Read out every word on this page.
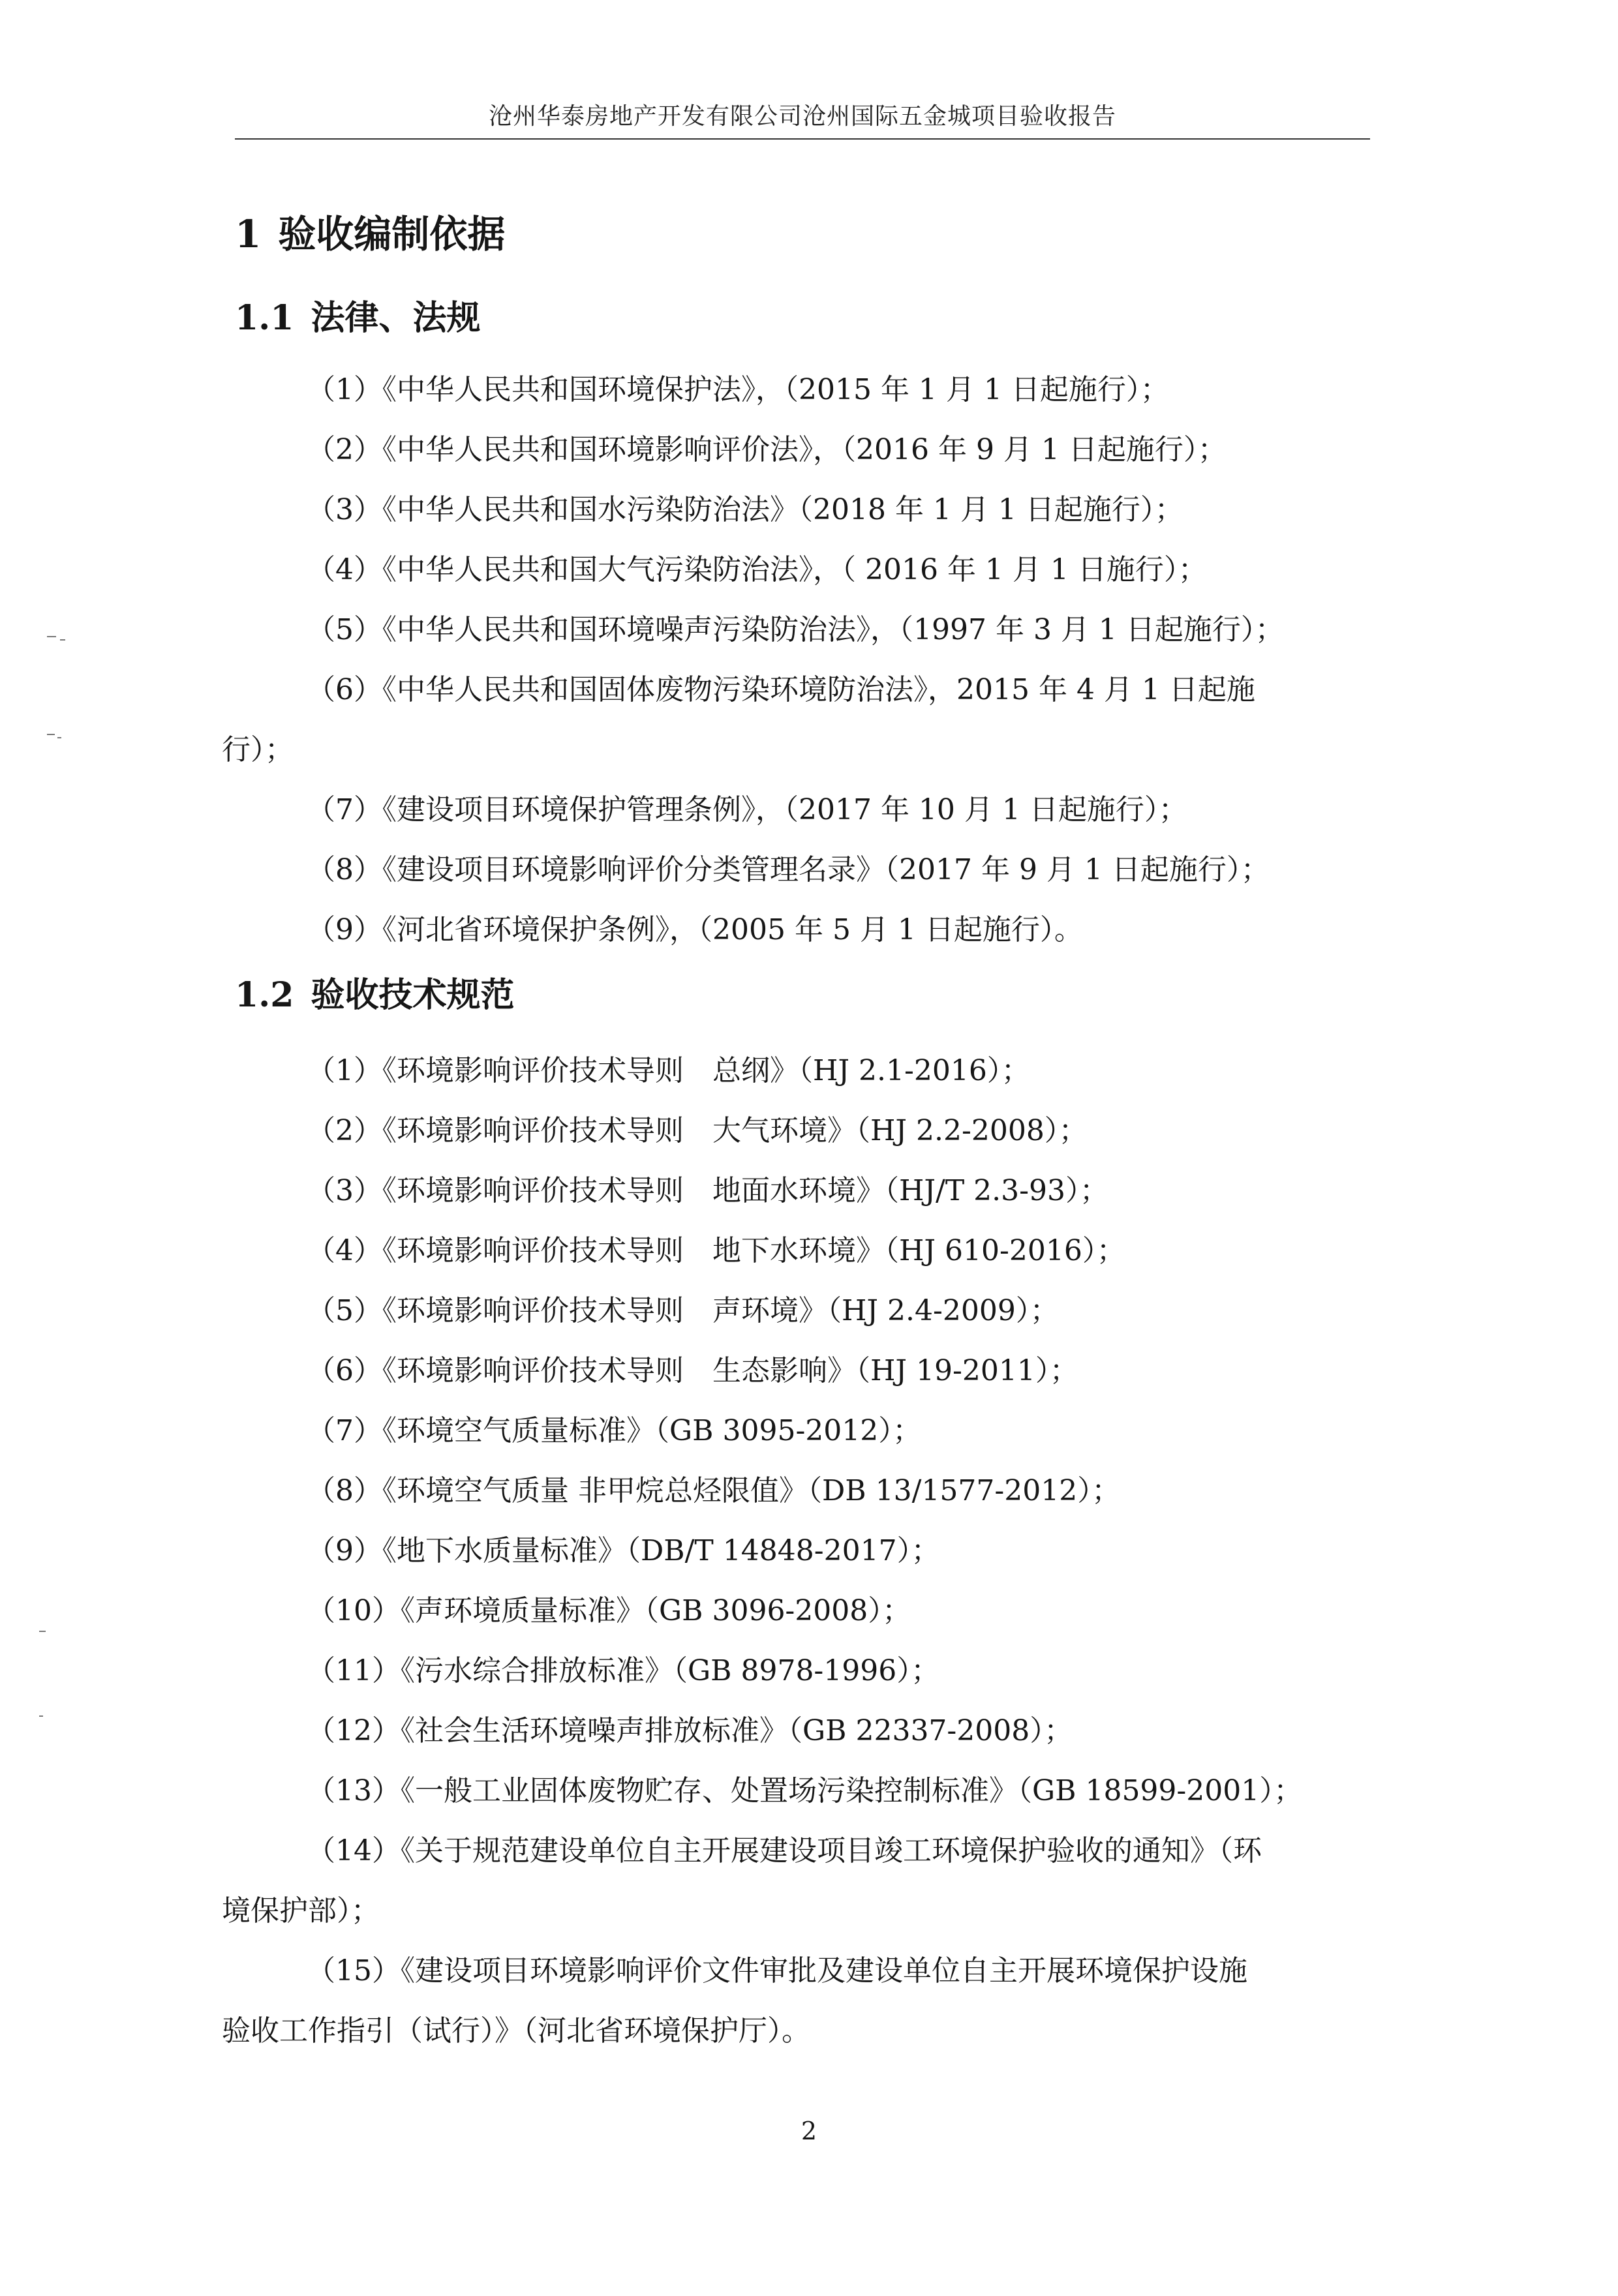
沧州华泰房地产开发有限公司沧州国际五金城项目验收报告
1 验收编制依据
1.1 法律、法规
（1）《中华人民共和国环境保护法》，（2015 年 1 月 1 日起施行）；
（2）《中华人民共和国环境影响评价法》，（2016 年 9 月 1 日起施行）；
（3）《中华人民共和国水污染防治法》（2018 年 1 月 1 日起施行）；
（4）《中华人民共和国大气污染防治法》，（ 2016 年 1 月 1 日施行）；
（5）《中华人民共和国环境噪声污染防治法》，（1997 年 3 月 1 日起施行）；
（6）《中华人民共和国固体废物污染环境防治法》，2015 年 4 月 1 日起施
行）；
（7）《建设项目环境保护管理条例》，（2017 年 10 月 1 日起施行）；
（8）《建设项目环境影响评价分类管理名录》（2017 年 9 月 1 日起施行）；
（9）《河北省环境保护条例》，（2005 年 5 月 1 日起施行）。
1.2 验收技术规范
（1）《环境影响评价技术导则　总纲》（HJ 2.1-2016）；
（2）《环境影响评价技术导则　大气环境》（HJ 2.2-2008）；
（3）《环境影响评价技术导则　地面水环境》（HJ/T 2.3-93）；
（4）《环境影响评价技术导则　地下水环境》（HJ 610-2016）；
（5）《环境影响评价技术导则　声环境》（HJ 2.4-2009）；
（6）《环境影响评价技术导则　生态影响》（HJ 19-2011）；
（7）《环境空气质量标准》（GB 3095-2012）；
（8）《环境空气质量 非甲烷总烃限值》（DB 13/1577-2012）；
（9）《地下水质量标准》（DB/T 14848-2017）；
（10）《声环境质量标准》（GB 3096-2008）；
（11）《污水综合排放标准》（GB 8978-1996）；
（12）《社会生活环境噪声排放标准》（GB 22337-2008）；
（13）《一般工业固体废物贮存、处置场污染控制标准》（GB 18599-2001）；
（14）《关于规范建设单位自主开展建设项目竣工环境保护验收的通知》（环
境保护部）；
（15）《建设项目环境影响评价文件审批及建设单位自主开展环境保护设施
验收工作指引（试行）》（河北省环境保护厅）。
2
